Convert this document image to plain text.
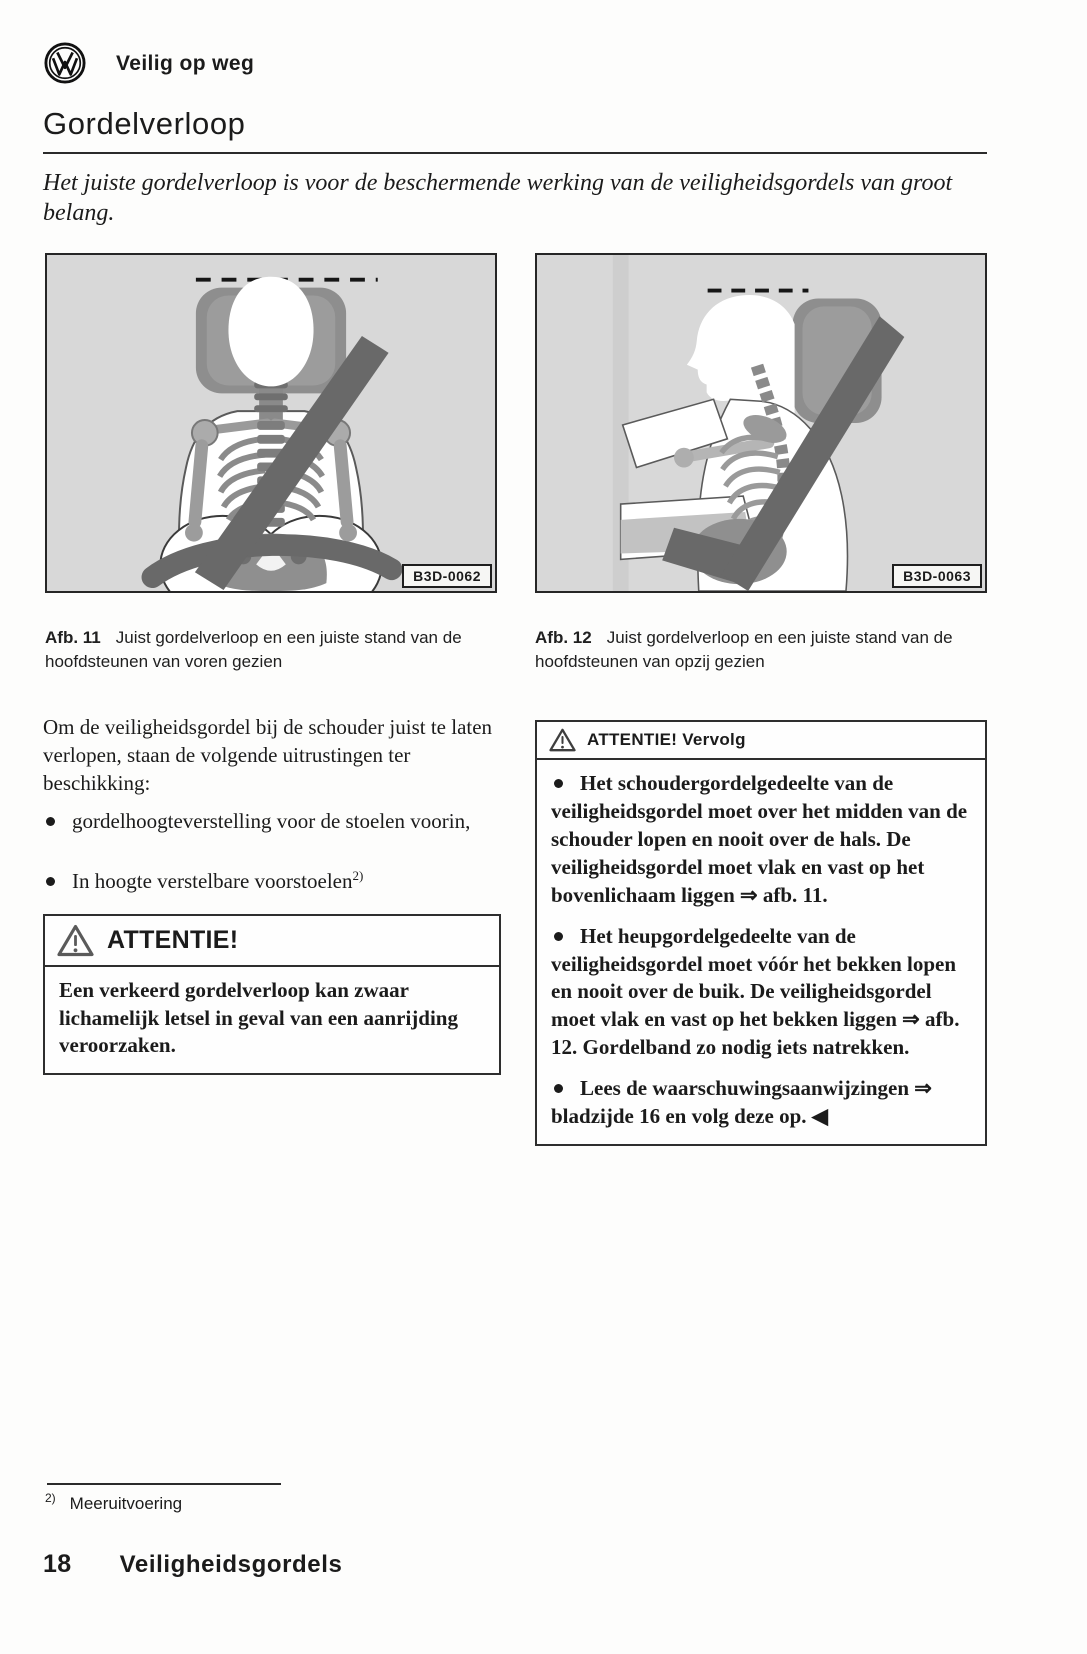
Veilig op weg
Gordelverloop
Het juiste gordelverloop is voor de beschermende werking van de veiligheidsgordels van groot belang.
B3D-0062	B3D-0063
Afb. 11 Juist gordelverloop en een juiste stand van de hoofdsteunen van voren gezien
Afb. 12 Juist gordelverloop en een juiste stand van de hoofdsteunen van opzij gezien
Om de veiligheidsgordel bij de schouder juist te laten verlopen, staan de volgende uitrustingen ter beschikking:
gordelhoogteverstelling voor de stoelen voorin,
In hoogte verstelbare voorstoelen$^{2)}$
ATTENTIE!
Een verkeerd gordelverloop kan zwaar lichamelijk letsel in geval van een aanrijding veroorzaken.
ATTENTIE! Vervolg
Het schoudergordelgedeelte van de veiligheidsgordel moet over het midden van de schouder lopen en nooit over de hals. De veiligheidsgordel moet vlak en vast op het bovenlichaam liggen ⇒ afb. 11.
Het heupgordelgedeelte van de veiligheidsgordel moet vóór het bekken lopen en nooit over de buik. De veiligheidsgordel moet vlak en vast op het bekken liggen ⇒ afb. 12. Gordelband zo nodig iets natrekken.
Lees de waarschuwingsaanwijzingen ⇒ bladzijde 16 en volg deze op. ◀
$^{2)}$ Meeruitvoering
18 Veiligheidsgordels
